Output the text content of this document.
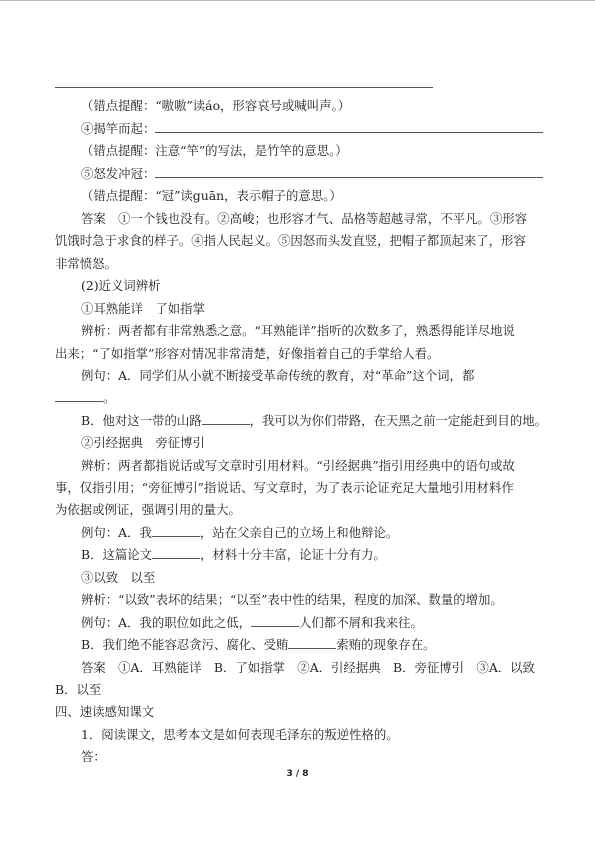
（错点提醒：“嗷嗷”读áo，形容哀号或喊叫声。）
④揭竿而起：
（错点提醒：注意“竿”的写法，是竹竿的意思。）
⑤怒发冲冠：
（错点提醒：“冠”读guān，表示帽子的意思。）
答案　①一个钱也没有。②高峻；也形容才气、品格等超越寻常，不平凡。③形容
饥饿时急于求食的样子。④指人民起义。⑤因怒而头发直竖，把帽子都顶起来了，形容
非常愤怒。
(2)近义词辨析
①耳熟能详　了如指掌
辨析：两者都有非常熟悉之意。“耳熟能详”指听的次数多了，熟悉得能详尽地说
出来；“了如指掌”形容对情况非常清楚，好像指着自己的手掌给人看。
例句：A．同学们从小就不断接受革命传统的教育，对“革命”这个词，都
。
B．他对这一带的山路	，我可以为你们带路，在天黑之前一定能赶到目的地。
②引经据典　旁征博引
辨析：两者都指说话或写文章时引用材料。“引经据典”指引用经典中的语句或故
事，仅指引用；“旁征博引”指说话、写文章时，为了表示论证充足大量地引用材料作
为依据或例证，强调引用的量大。
例句：A．我	，站在父亲自己的立场上和他辩论。
B．这篇论文	，材料十分丰富，论证十分有力。
③以致　以至
辨析：“以致”表坏的结果；“以至”表中性的结果，程度的加深、数量的增加。
例句：A．我的职位如此之低，	人们都不屑和我来往。
B．我们绝不能容忍贪污、腐化、受贿	索贿的现象存在。
答案　①A．耳熟能详　B．了如指掌　②A．引经据典　B．旁征博引　③A．以致
B．以至
四、速读感知课文
1．阅读课文，思考本文是如何表现毛泽东的叛逆性格的。
答：
3 / 8
